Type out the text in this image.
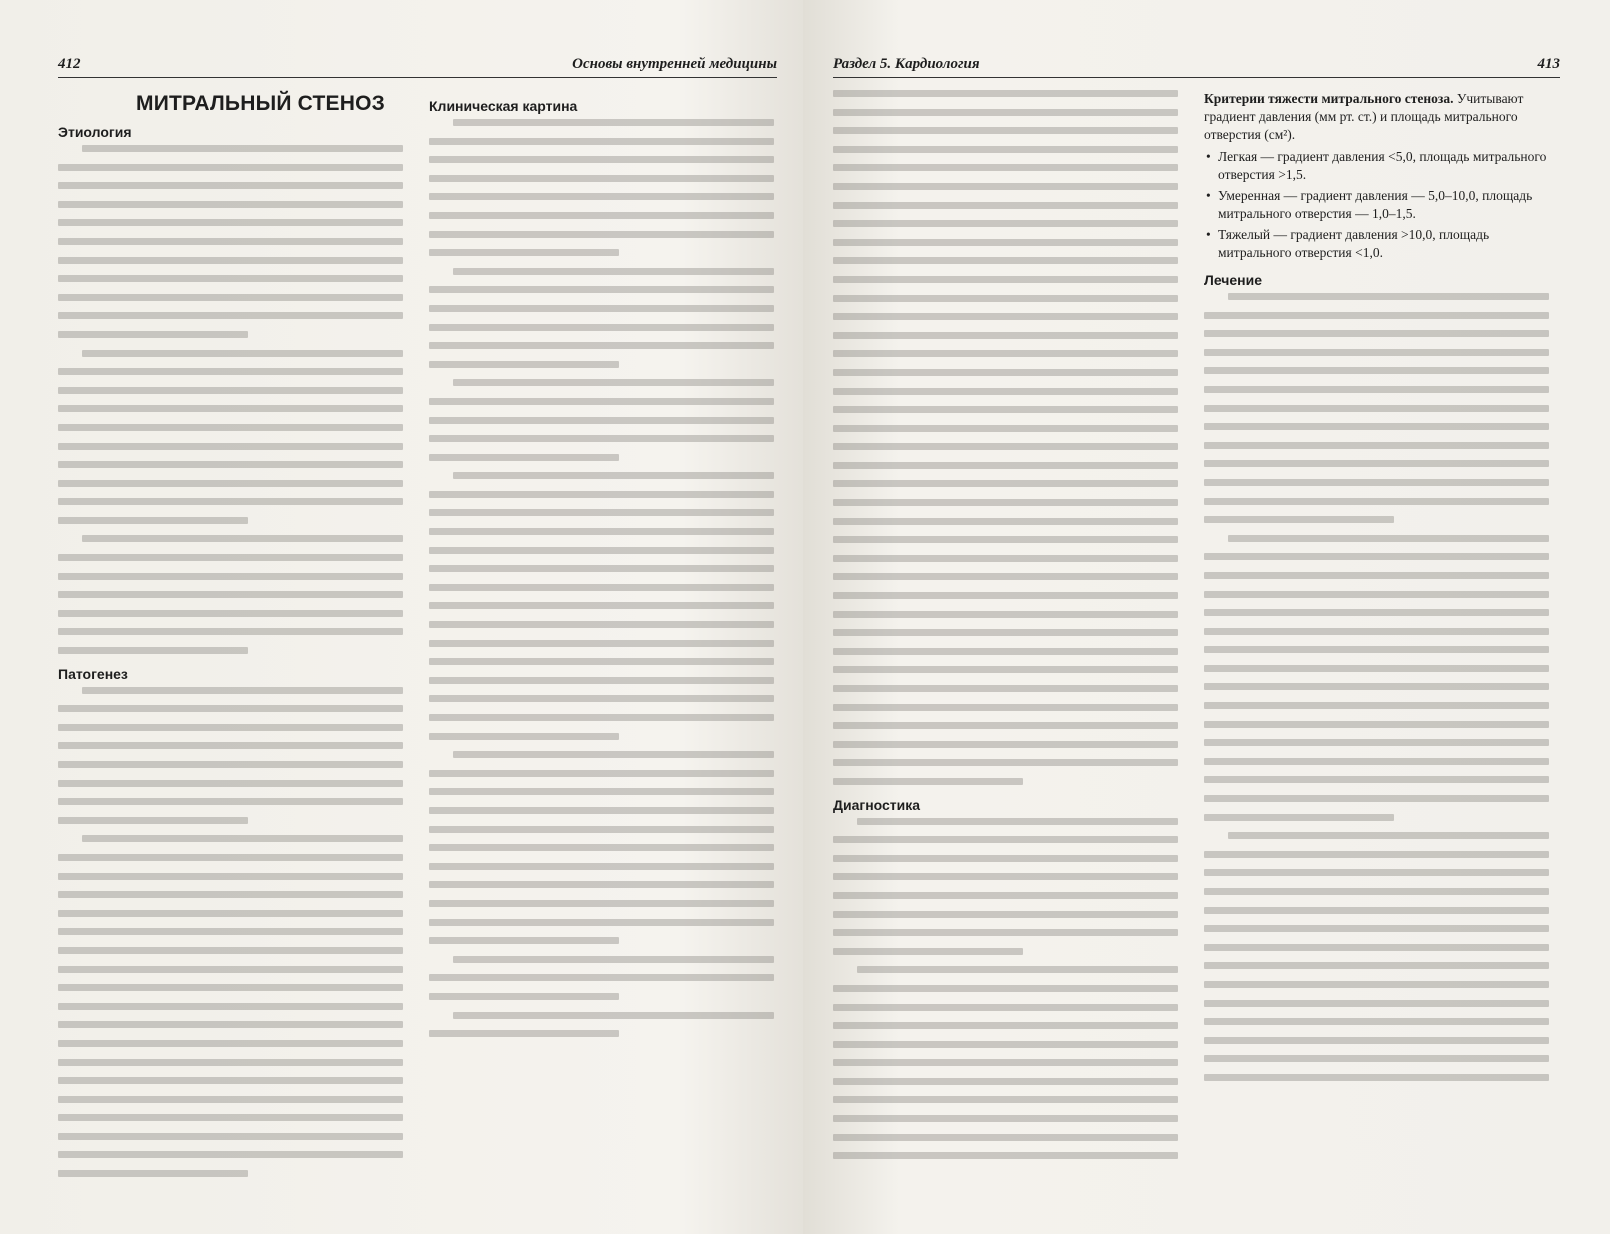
412	Основы внутренней медицины
МИТРАЛЬНЫЙ СТЕНОЗ
Этиология
Патогенез
Клиническая картина
Раздел 5. Кардиология	413
Диагностика

Критерии тяжести митрального стеноза. Учитывают градиент давления (мм рт. ст.) и площадь митрального отверстия (см²).

• Легкая — градиент давления <5,0, площадь митрального отверстия >1,5.
• Умеренная — градиент давления — 5,0–10,0, площадь митрального отверстия — 1,0–1,5.
• Тяжелый — градиент давления >10,0, площадь митрального отверстия <1,0.
Лечение
